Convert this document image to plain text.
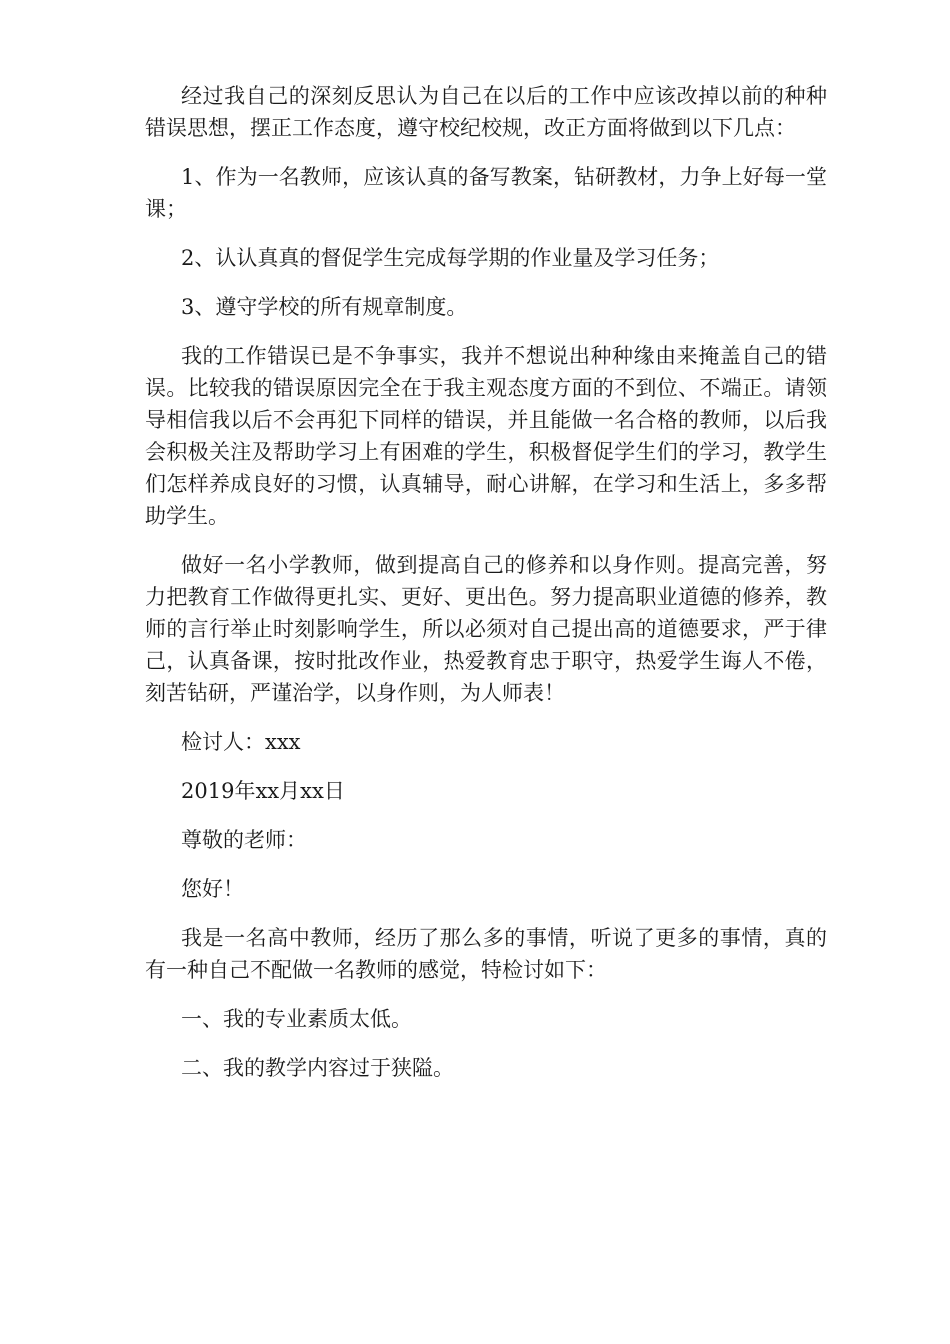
经过我自己的深刻反思认为自己在以后的工作中应该改掉以前的种种错误思想，摆正工作态度，遵守校纪校规，改正方面将做到以下几点：

1、作为一名教师，应该认真的备写教案，钻研教材，力争上好每一堂课；

2、认认真真的督促学生完成每学期的作业量及学习任务；

3、遵守学校的所有规章制度。

我的工作错误已是不争事实，我并不想说出种种缘由来掩盖自己的错误。比较我的错误原因完全在于我主观态度方面的不到位、不端正。请领导相信我以后不会再犯下同样的错误，并且能做一名合格的教师，以后我会积极关注及帮助学习上有困难的学生，积极督促学生们的学习，教学生们怎样养成良好的习惯，认真辅导，耐心讲解，在学习和生活上，多多帮助学生。

做好一名小学教师，做到提高自己的修养和以身作则。提高完善，努力把教育工作做得更扎实、更好、更出色。努力提高职业道德的修养，教师的言行举止时刻影响学生，所以必须对自己提出高的道德要求，严于律己，认真备课，按时批改作业，热爱教育忠于职守，热爱学生诲人不倦，刻苦钻研，严谨治学，以身作则，为人师表！

检讨人：xxx

2019年xx月xx日

尊敬的老师：

您好！

我是一名高中教师，经历了那么多的事情，听说了更多的事情，真的有一种自己不配做一名教师的感觉，特检讨如下：

一、我的专业素质太低。

二、我的教学内容过于狭隘。
